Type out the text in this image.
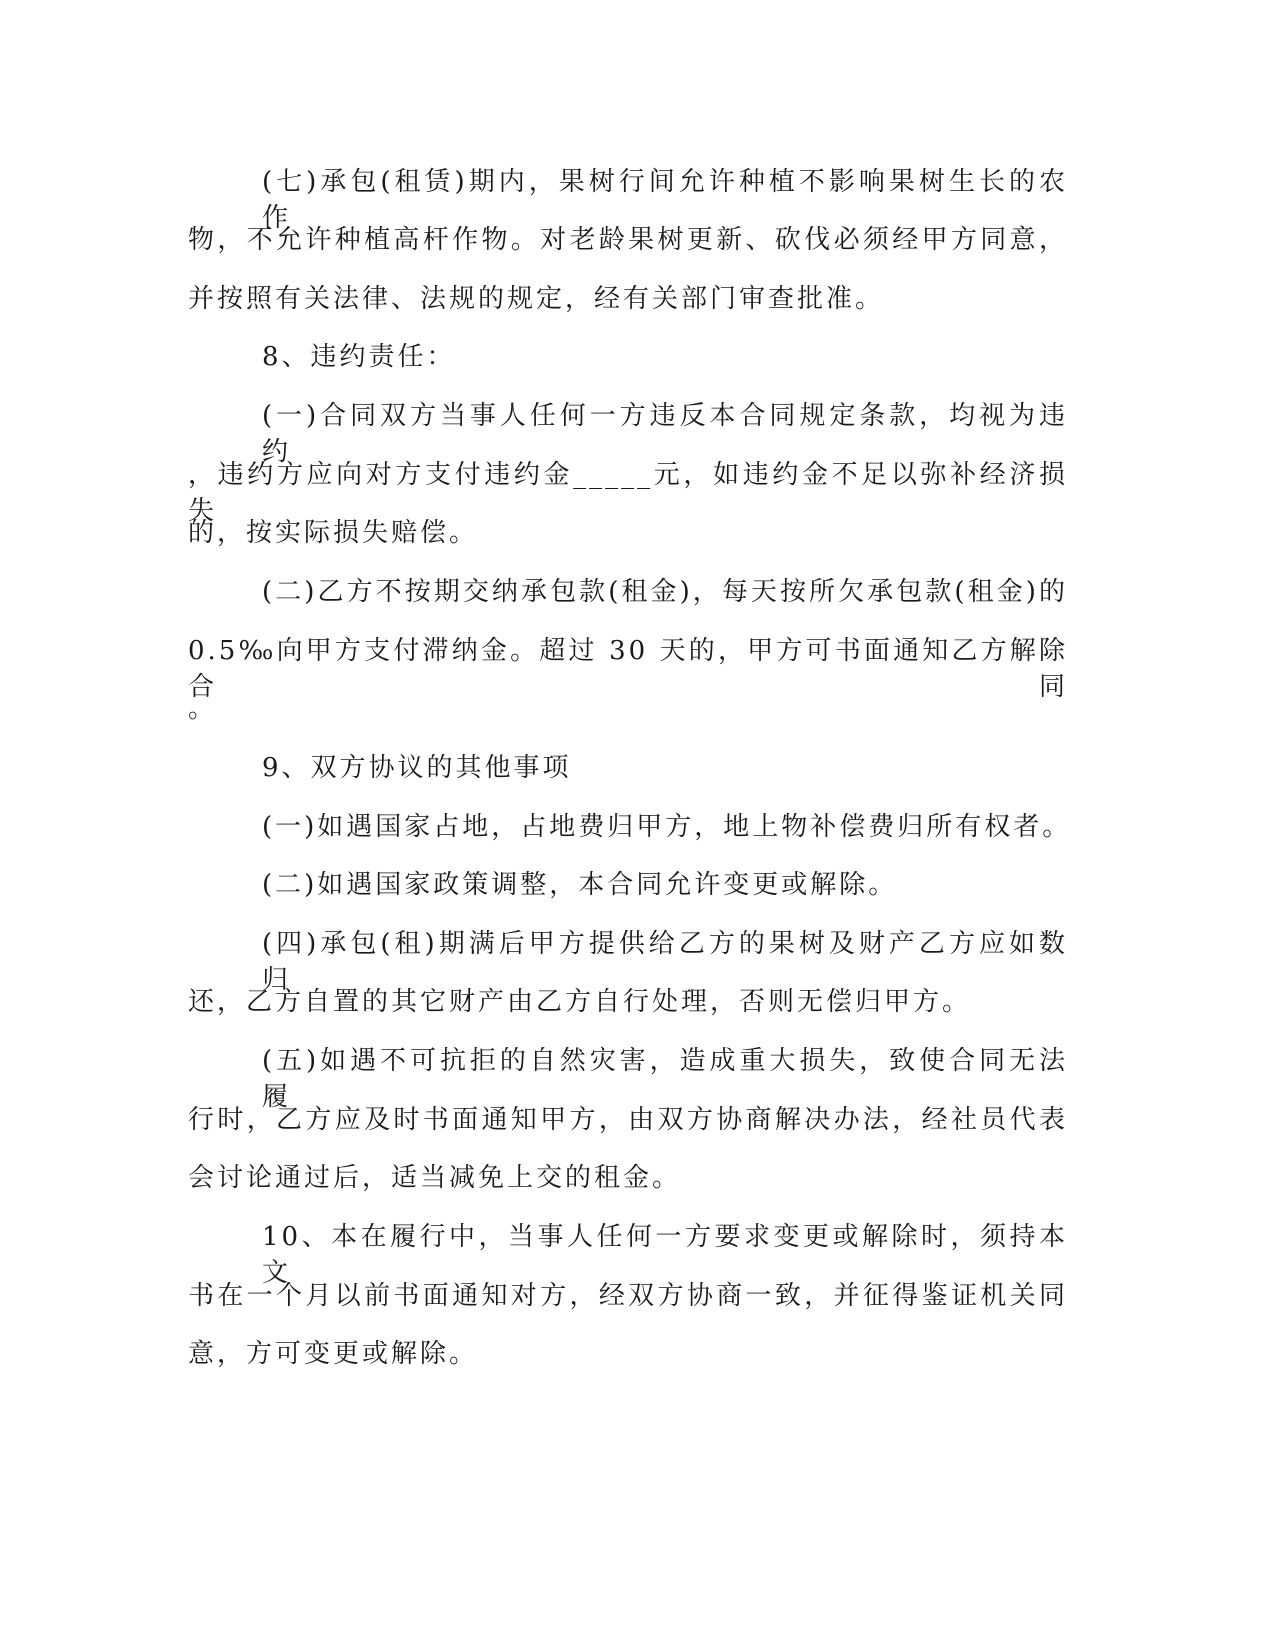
(七)承包(租赁)期内，果树行间允许种植不影响果树生长的农作

物，不允许种植高杆作物。对老龄果树更新、砍伐必须经甲方同意，

并按照有关法律、法规的规定，经有关部门审查批准。

8、违约责任：

(一)合同双方当事人任何一方违反本合同规定条款，均视为违约

，违约方应向对方支付违约金_____元，如违约金不足以弥补经济损失

的，按实际损失赔偿。

(二)乙方不按期交纳承包款(租金)，每天按所欠承包款(租金)的

0.5‰向甲方支付滞纳金。超过 30 天的，甲方可书面通知乙方解除合同

。

9、双方协议的其他事项

(一)如遇国家占地，占地费归甲方，地上物补偿费归所有权者。

(二)如遇国家政策调整，本合同允许变更或解除。

(四)承包(租)期满后甲方提供给乙方的果树及财产乙方应如数归

还，乙方自置的其它财产由乙方自行处理，否则无偿归甲方。

(五)如遇不可抗拒的自然灾害，造成重大损失，致使合同无法履

行时，乙方应及时书面通知甲方，由双方协商解决办法，经社员代表

会讨论通过后，适当减免上交的租金。

10、本在履行中，当事人任何一方要求变更或解除时，须持本文

书在一个月以前书面通知对方，经双方协商一致，并征得鉴证机关同

意，方可变更或解除。
